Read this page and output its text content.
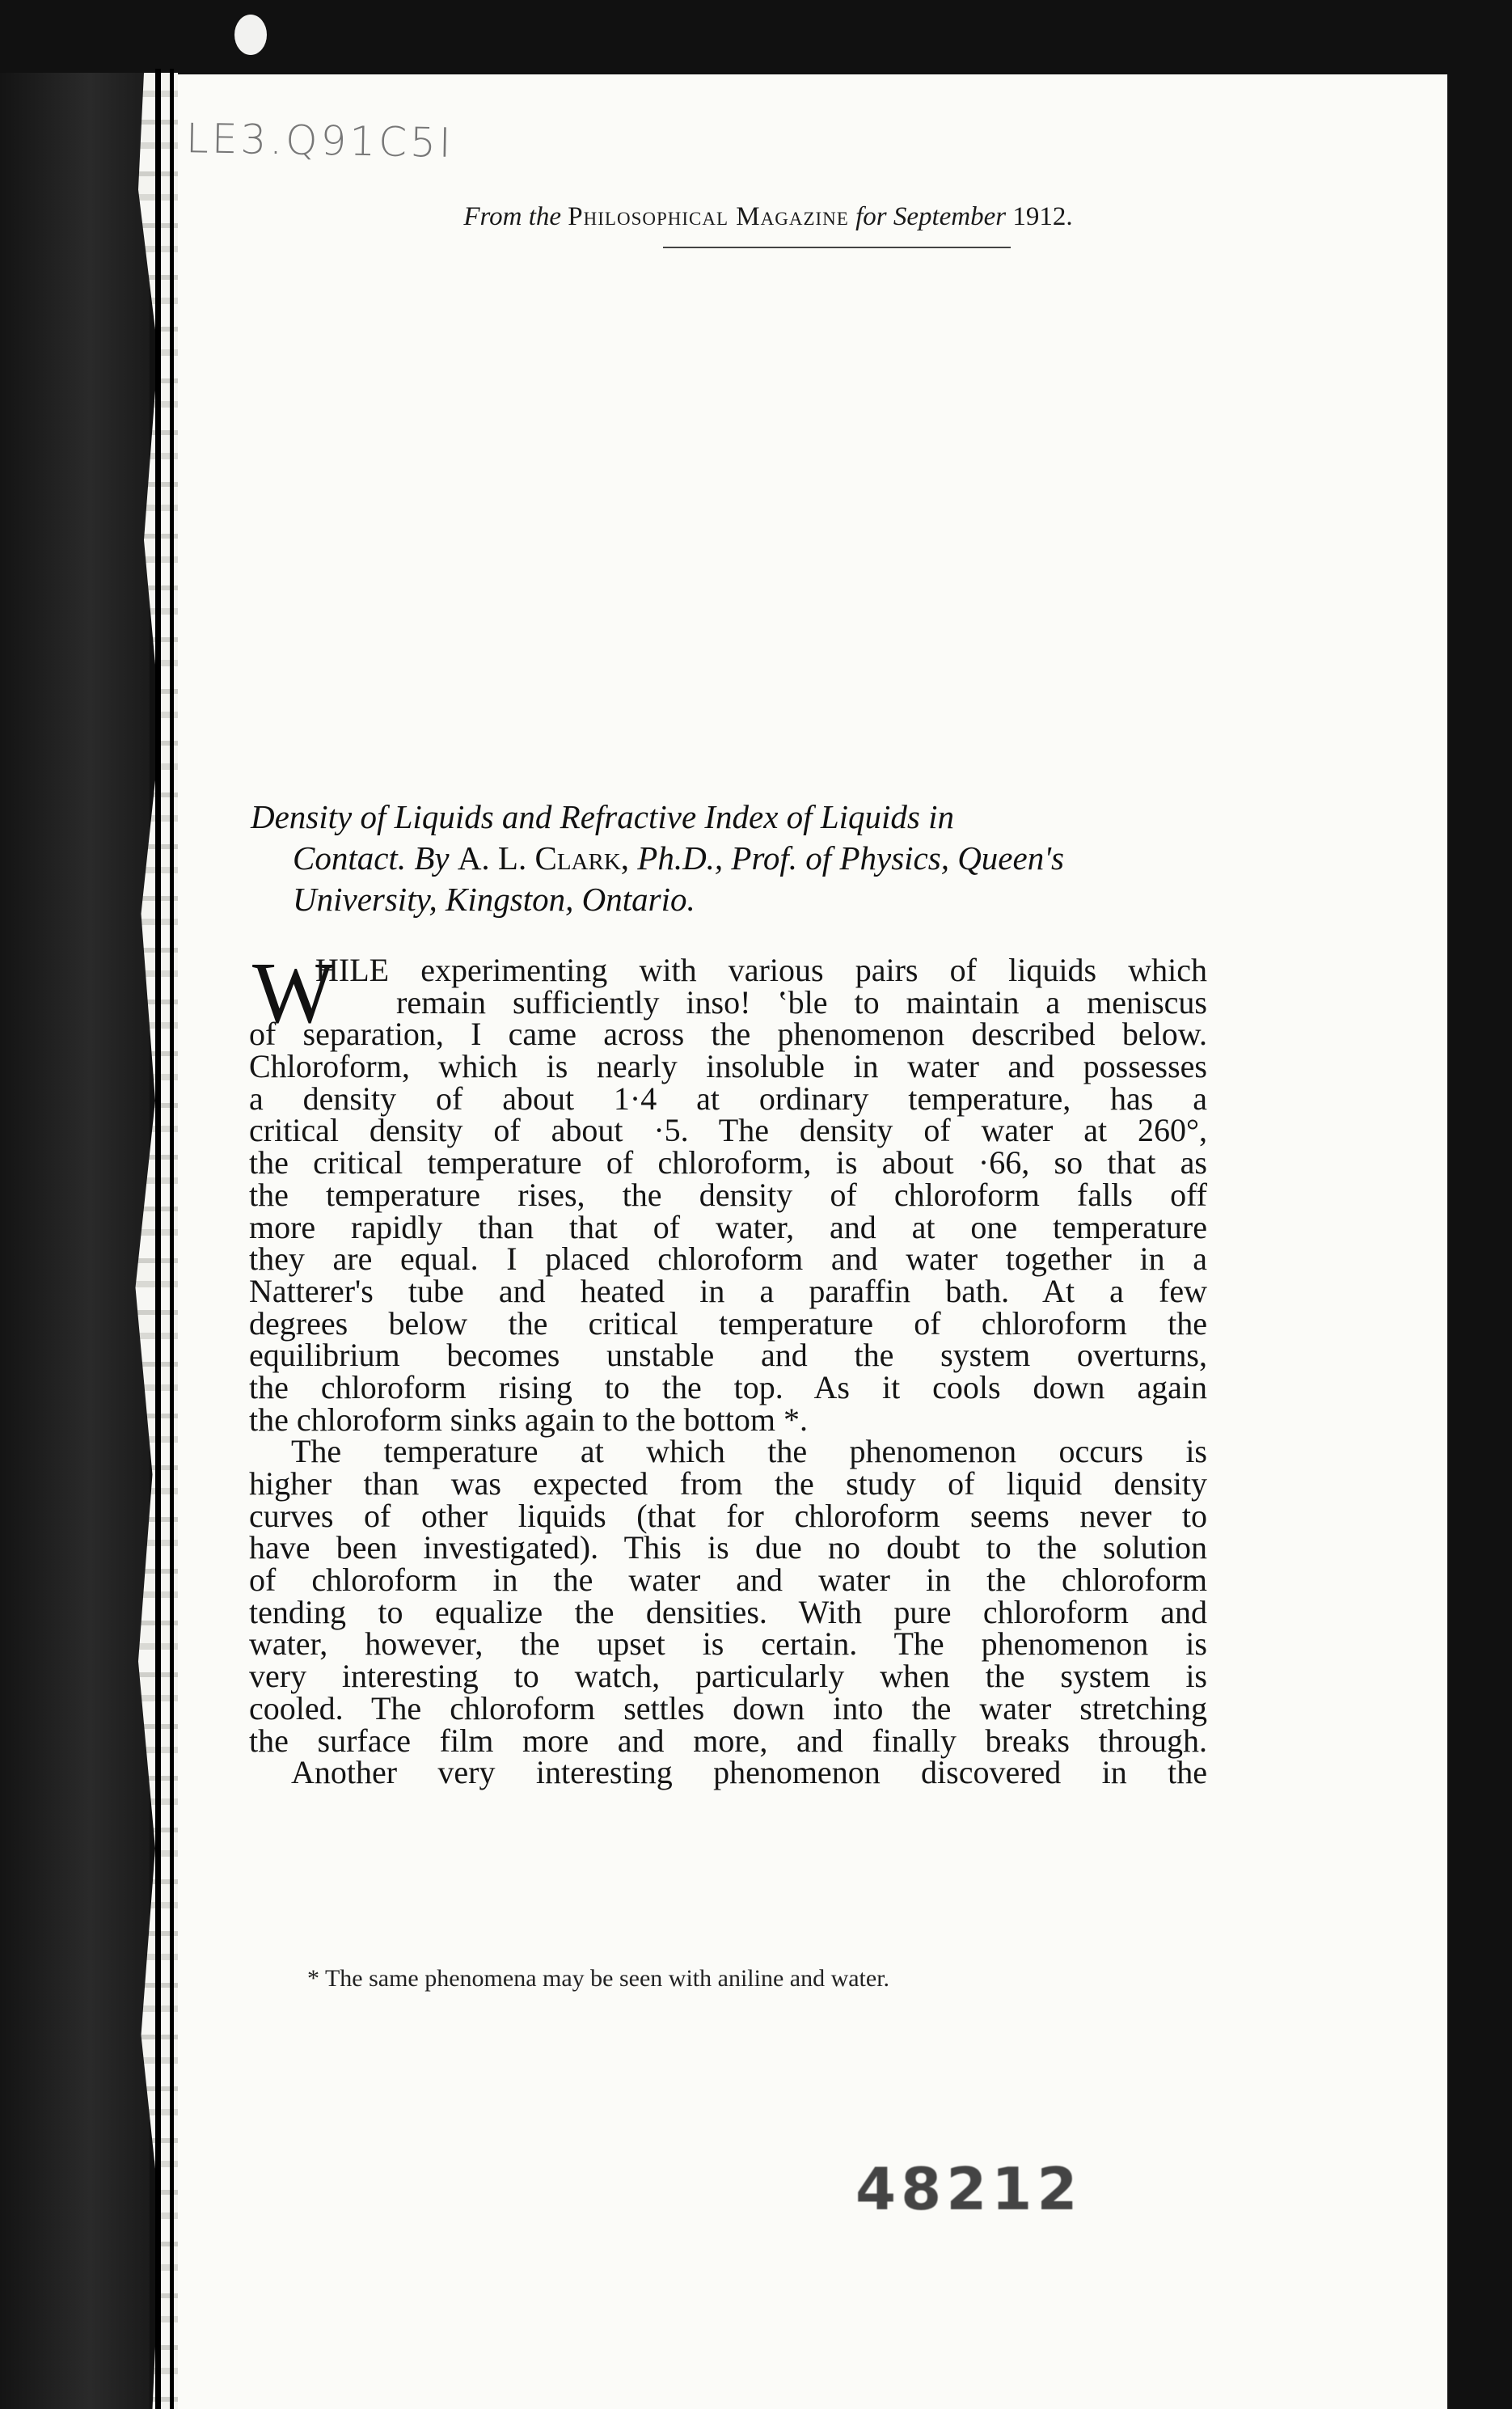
LE3.Q91C5I
From the Philosophical Magazine for September 1912.
Density of Liquids and Refractive Index of Liquids in
Contact. By A. L. Clark, Ph.D., Prof. of Physics, Queen's
University, Kingston, Ontario.
W
HILE experimenting with various pairs of liquids which
remain sufficiently inso! ‛ble to maintain a meniscus
of separation, I came across the phenomenon described below.
Chloroform, which is nearly insoluble in water and possesses
a density of about 1·4 at ordinary temperature, has a
critical density of about ·5. The density of water at 260°,
the critical temperature of chloroform, is about ·66, so that as
the temperature rises, the density of chloroform falls off
more rapidly than that of water, and at one temperature
they are equal. I placed chloroform and water together in a
Natterer's tube and heated in a paraffin bath. At a few
degrees below the critical temperature of chloroform the
equilibrium becomes unstable and the system overturns,
the chloroform rising to the top. As it cools down again
the chloroform sinks again to the bottom *.
The temperature at which the phenomenon occurs is
higher than was expected from the study of liquid density
curves of other liquids (that for chloroform seems never to
have been investigated). This is due no doubt to the solution
of chloroform in the water and water in the chloroform
tending to equalize the densities. With pure chloroform and
water, however, the upset is certain. The phenomenon is
very interesting to watch, particularly when the system is
cooled. The chloroform settles down into the water stretching
the surface film more and more, and finally breaks through.
Another very interesting phenomenon discovered in the
* The same phenomena may be seen with aniline and water.
48212
